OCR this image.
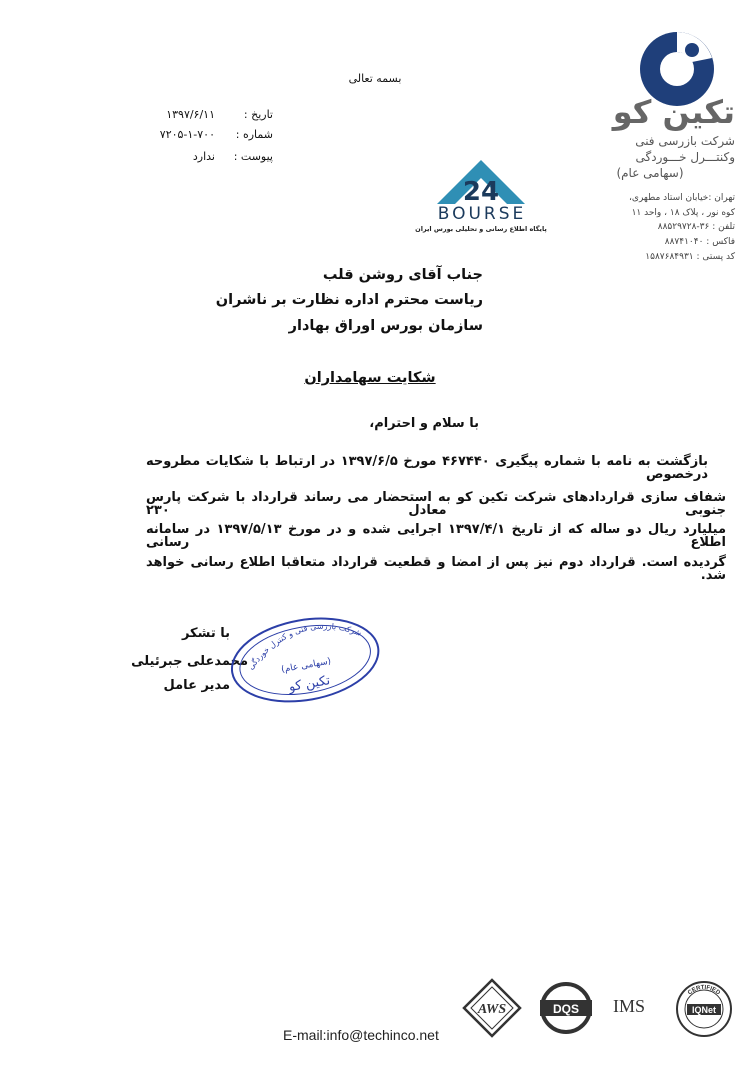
بسمه تعالی
تاریخ :
۱۳۹۷/۶/۱۱
شماره :
۷۲۰۵-۱-۷۰۰
پیوست :
ندارد
تکین کو
شرکت بازرسی فنی
وکنتـــرل خـــوردگی
(سهامی عام)
تهران :خیابان استاد مطهری،
کوه نور ، پلاک ۱۸ ، واحد ۱۱
تلفن : ۳۶-۸۸۵۲۹۷۲۸
فاکس : ۸۸۷۴۱۰۴۰
کد پستی : ۱۵۸۷۶۸۴۹۳۱
24
BOURSE
پایگاه اطلاع رسانی و تحلیلی بورس ایران
جناب آقای روشن قلب
ریاست محترم اداره نظارت بر ناشران
سازمان بورس اوراق بهادار
شکایت سهامداران
با سلام و احترام،
بازگشت به نامه با شماره پیگیری ۴۶۷۴۴۰ مورخ ۱۳۹۷/۶/۵ در ارتباط با شکایات مطروحه درخصوص
شفاف سازی قراردادهای شرکت تکین کو به استحضار می رساند قرارداد با شرکت پارس جنوبی معادل ۲۳۰
میلیارد ریال دو ساله که از تاریخ ۱۳۹۷/۴/۱ اجرایی شده و در مورخ ۱۳۹۷/۵/۱۳ در سامانه اطلاع رسانی
گردیده است. قرارداد دوم نیز پس از امضا و قطعیت قرارداد متعاقبا اطلاع رسانی خواهد شد.
با تشکر
محمدعلی جبرئیلی
مدیر عامل
شرکت بازرسی فنی و کنترل خوردگی
(سهامی عام)
تکین کو
E-mail:info@techinco.net
AWS	DQS IMS
CERTIFIED
IQNet
